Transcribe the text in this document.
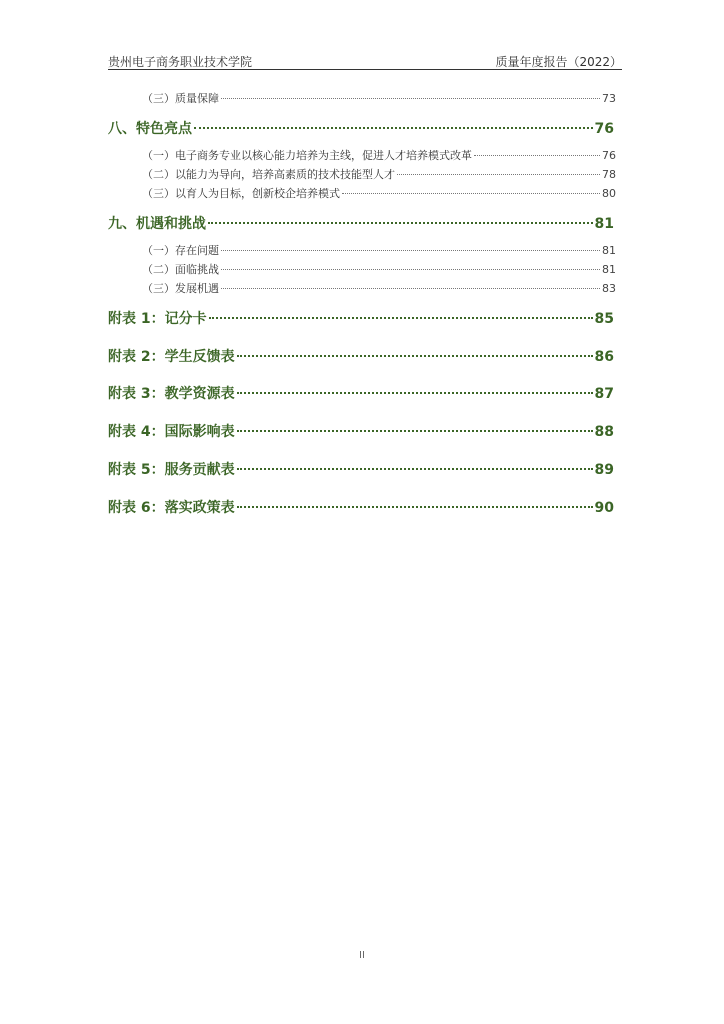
贵州电子商务职业技术学院	质量年度报告（2022）
（三）质量保障	73
八、特色亮点	76
（一）电子商务专业以核心能力培养为主线，促进人才培养模式改革	76
（二）以能力为导向，培养高素质的技术技能型人才	78
（三）以育人为目标，创新校企培养模式	80
九、机遇和挑战	81
（一）存在问题	81
（二）面临挑战	81
（三）发展机遇	83
附表 1：记分卡	85
附表 2：学生反馈表	86
附表 3：教学资源表	87
附表 4：国际影响表	88
附表 5：服务贡献表	89
附表 6：落实政策表	90
II
